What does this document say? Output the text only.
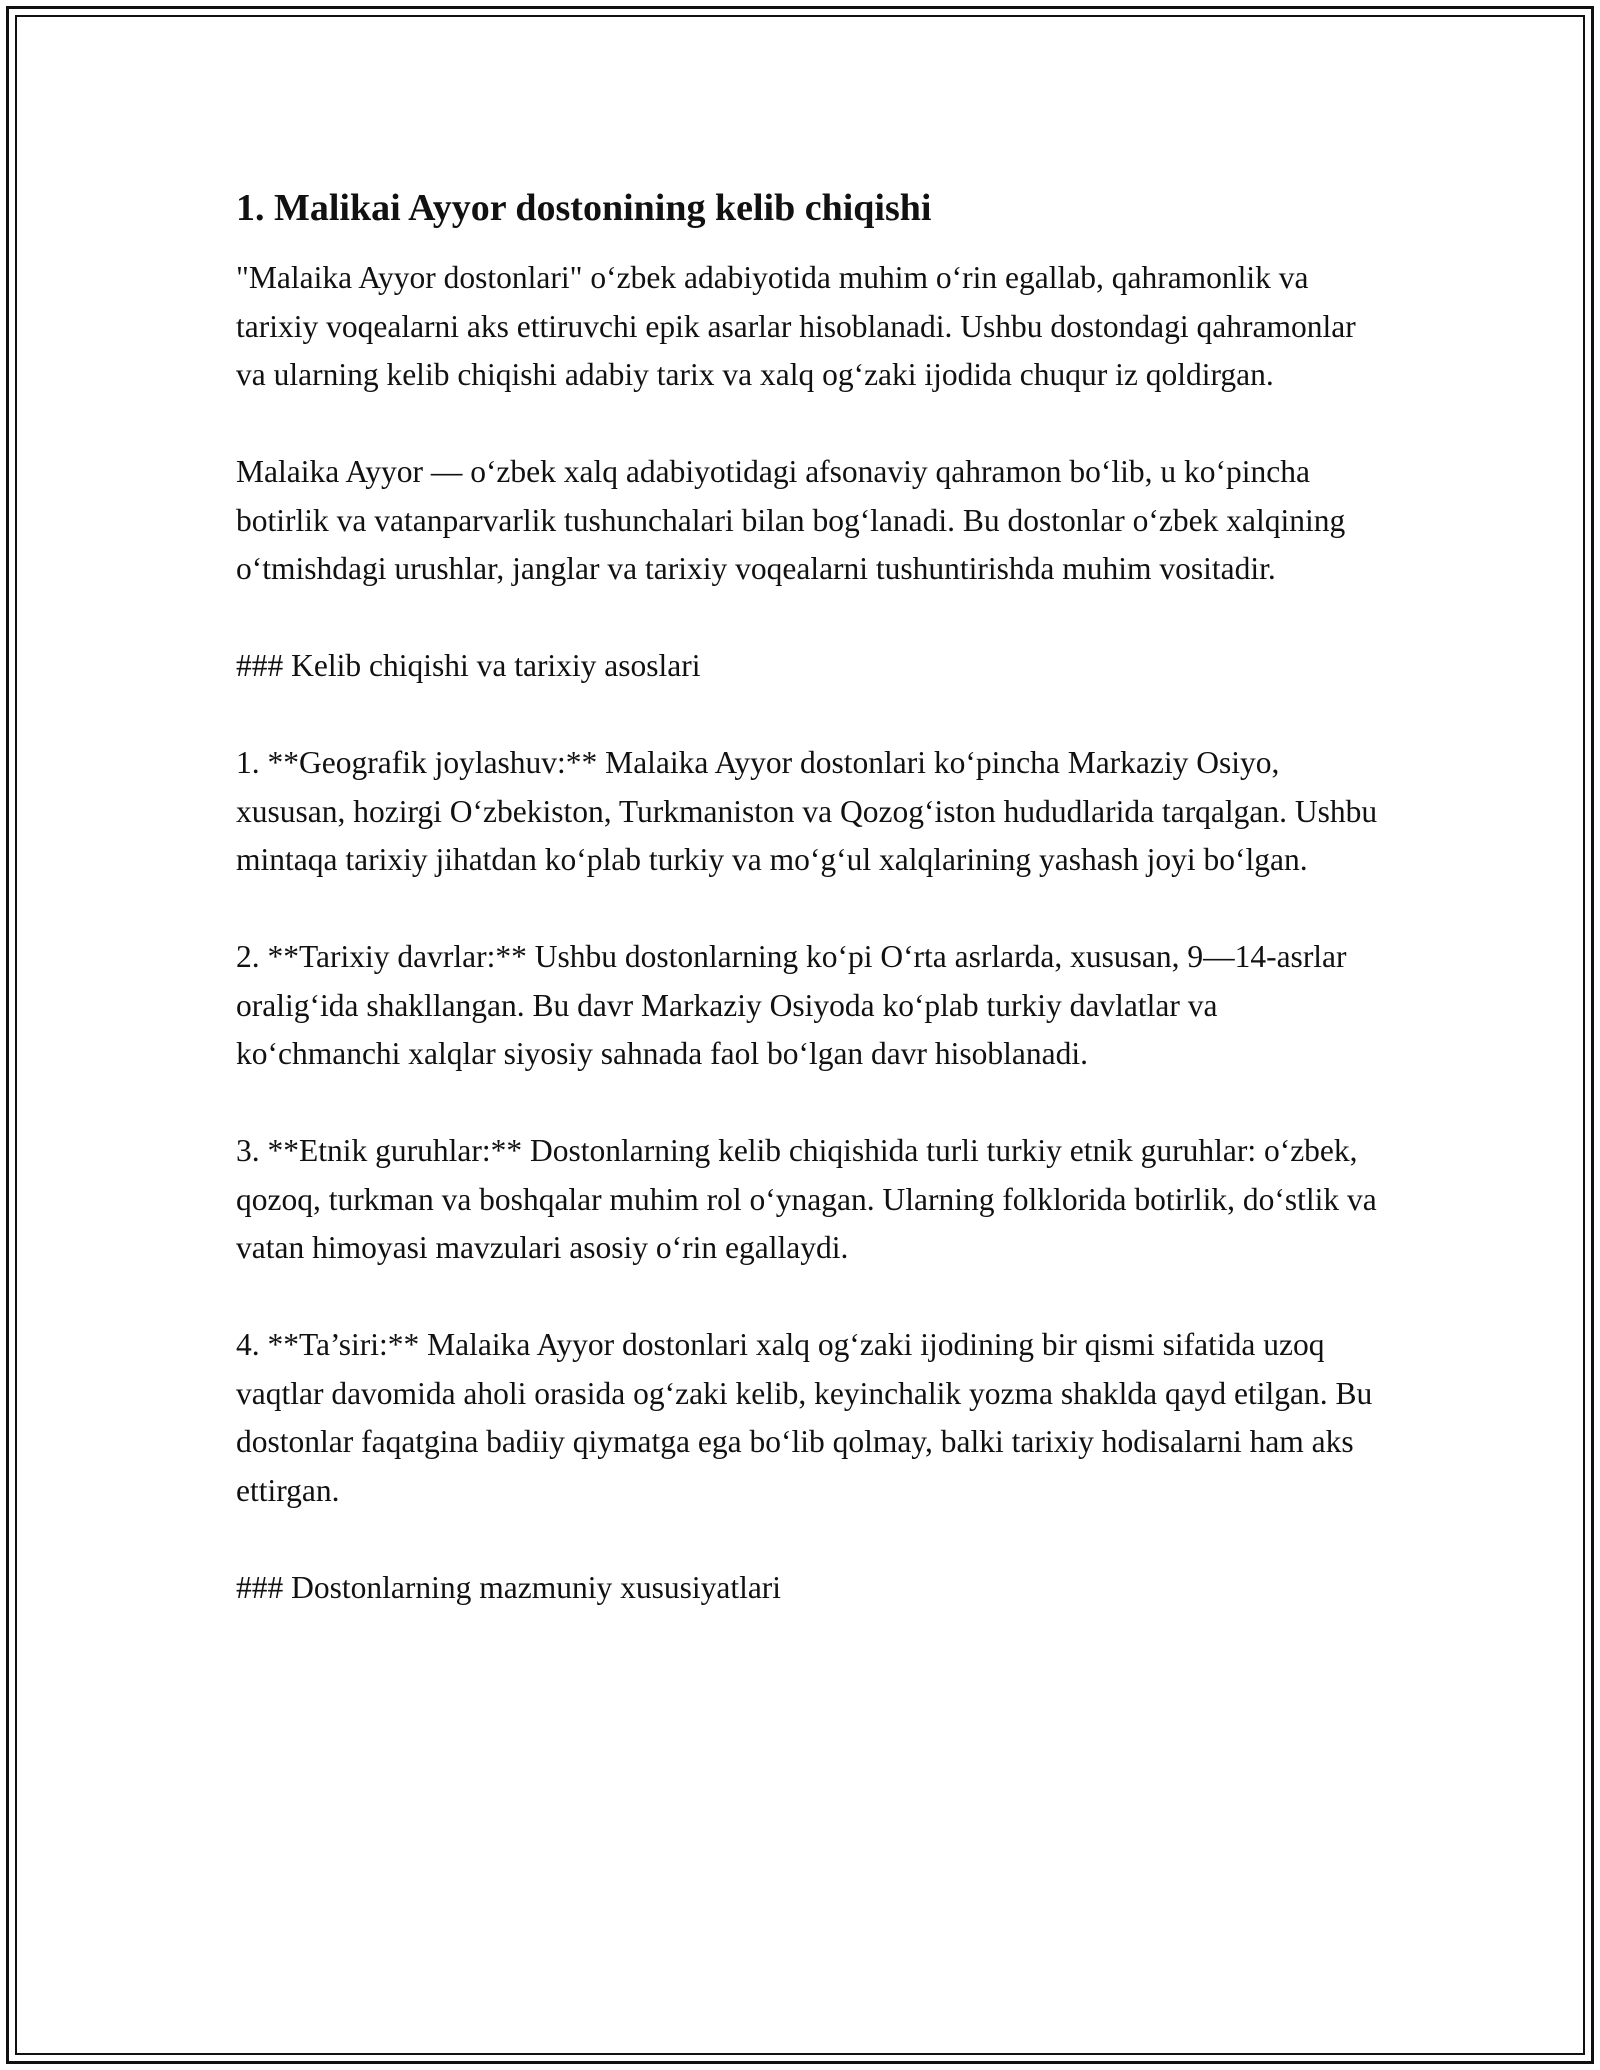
1. Malikai Ayyor dostonining kelib chiqishi

"Malaika Ayyor dostonlari" o‘zbek adabiyotida muhim o‘rin egallab, qahramonlik va tarixiy voqealarni aks ettiruvchi epik asarlar hisoblanadi. Ushbu dostondagi qahramonlar va ularning kelib chiqishi adabiy tarix va xalq og‘zaki ijodida chuqur iz qoldirgan.

Malaika Ayyor — o‘zbek xalq adabiyotidagi afsonaviy qahramon bo‘lib, u ko‘pincha botirlik va vatanparvarlik tushunchalari bilan bog‘lanadi. Bu dostonlar o‘zbek xalqining o‘tmishdagi urushlar, janglar va tarixiy voqealarni tushuntirishda muhim vositadir.

### Kelib chiqishi va tarixiy asoslari

1. **Geografik joylashuv:** Malaika Ayyor dostonlari ko‘pincha Markaziy Osiyo, xususan, hozirgi O‘zbekiston, Turkmaniston va Qozog‘iston hududlarida tarqalgan. Ushbu mintaqa tarixiy jihatdan ko‘plab turkiy va mo‘g‘ul xalqlarining yashash joyi bo‘lgan.

2. **Tarixiy davrlar:** Ushbu dostonlarning ko‘pi O‘rta asrlarda, xususan, 9—14-asrlar oralig‘ida shakllangan. Bu davr Markaziy Osiyoda ko‘plab turkiy davlatlar va ko‘chmanchi xalqlar siyosiy sahnada faol bo‘lgan davr hisoblanadi.

3. **Etnik guruhlar:** Dostonlarning kelib chiqishida turli turkiy etnik guruhlar: o‘zbek, qozoq, turkman va boshqalar muhim rol o‘ynagan. Ularning folklorida botirlik, do‘stlik va vatan himoyasi mavzulari asosiy o‘rin egallaydi.

4. **Ta’siri:** Malaika Ayyor dostonlari xalq og‘zaki ijodining bir qismi sifatida uzoq vaqtlar davomida aholi orasida og‘zaki kelib, keyinchalik yozma shaklda qayd etilgan. Bu dostonlar faqatgina badiiy qiymatga ega bo‘lib qolmay, balki tarixiy hodisalarni ham aks ettirgan.

### Dostonlarning mazmuniy xususiyatlari
